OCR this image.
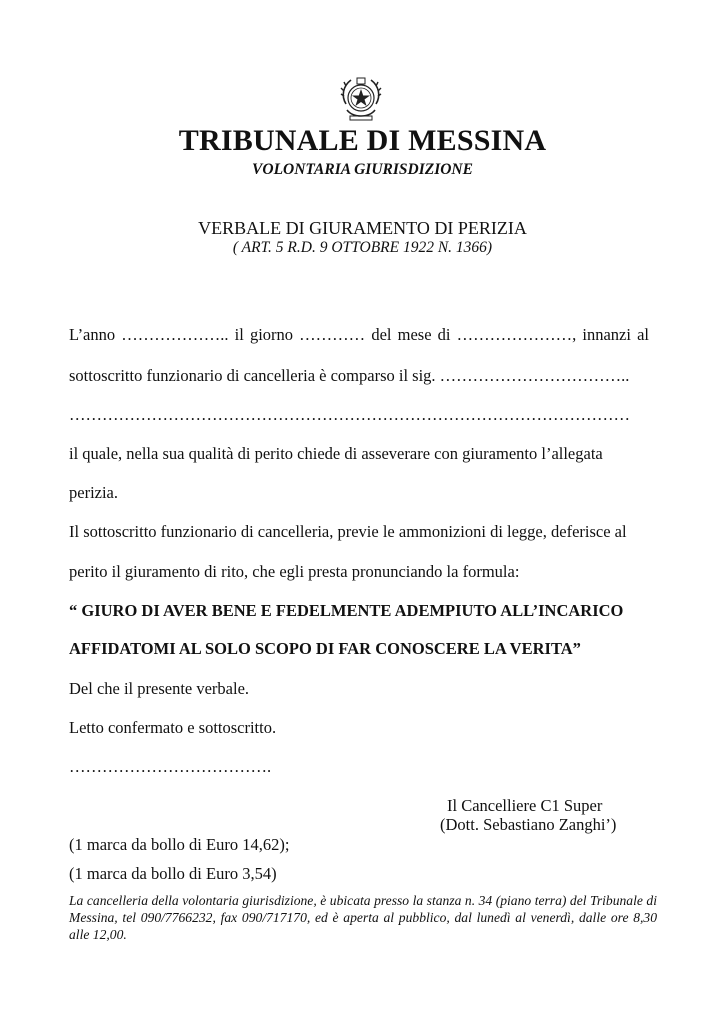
TRIBUNALE DI MESSINA

VOLONTARIA GIURISDIZIONE

VERBALE DI GIURAMENTO DI PERIZIA

( ART. 5 R.D. 9 OTTOBRE 1922 N. 1366)

L’anno ……………….. il giorno ………… del mese di …………………, innanzi al

sottoscritto funzionario di cancelleria è comparso il sig. ……………………………..

…………………………………………………………………………………………

il quale, nella sua qualità di perito chiede di asseverare con giuramento l’allegata

perizia.

Il sottoscritto funzionario di cancelleria, previe le ammonizioni di legge, deferisce al

perito il giuramento di rito, che egli presta pronunciando la formula:

“ GIURO DI AVER BENE E FEDELMENTE ADEMPIUTO ALL’INCARICO

AFFIDATOMI AL SOLO SCOPO DI FAR CONOSCERE LA VERITA”

Del che il presente verbale.

Letto confermato e sottoscritto.

……………………………….

Il Cancelliere C1 Super

(Dott. Sebastiano Zanghi’)

(1 marca da bollo di Euro 14,62);

(1 marca da bollo di Euro 3,54)

La cancelleria della volontaria giurisdizione, è ubicata presso la stanza n. 34 (piano terra) del Tribunale di Messina, tel 090/7766232, fax 090/717170, ed è aperta al pubblico, dal lunedì al venerdì, dalle ore 8,30 alle 12,00.
